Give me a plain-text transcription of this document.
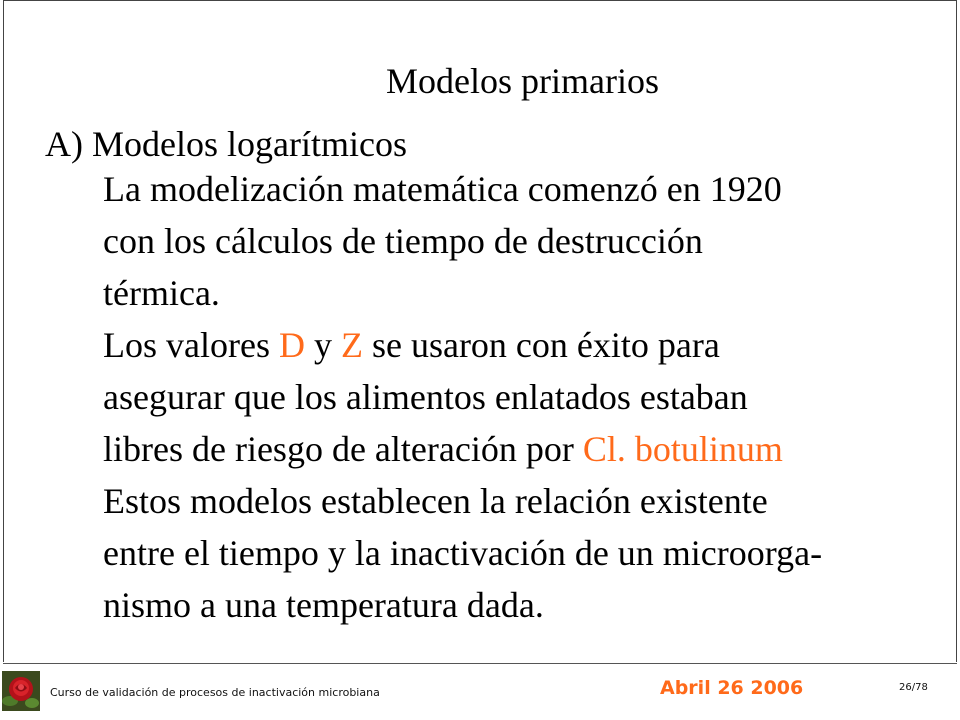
Modelos primarios
A) Modelos logarítmicos

La modelización matemática comenzó en 1920

con los cálculos de tiempo de destrucción

térmica.

Los valores D y Z se usaron con éxito para

asegurar que los alimentos enlatados estaban

libres de riesgo de alteración por Cl. botulinum

Estos modelos establecen la relación existente

entre el tiempo y la inactivación de un microorga-

nismo a una temperatura dada.

Curso de validación de procesos de inactivación microbiana	Abril 26 2006	26/78
